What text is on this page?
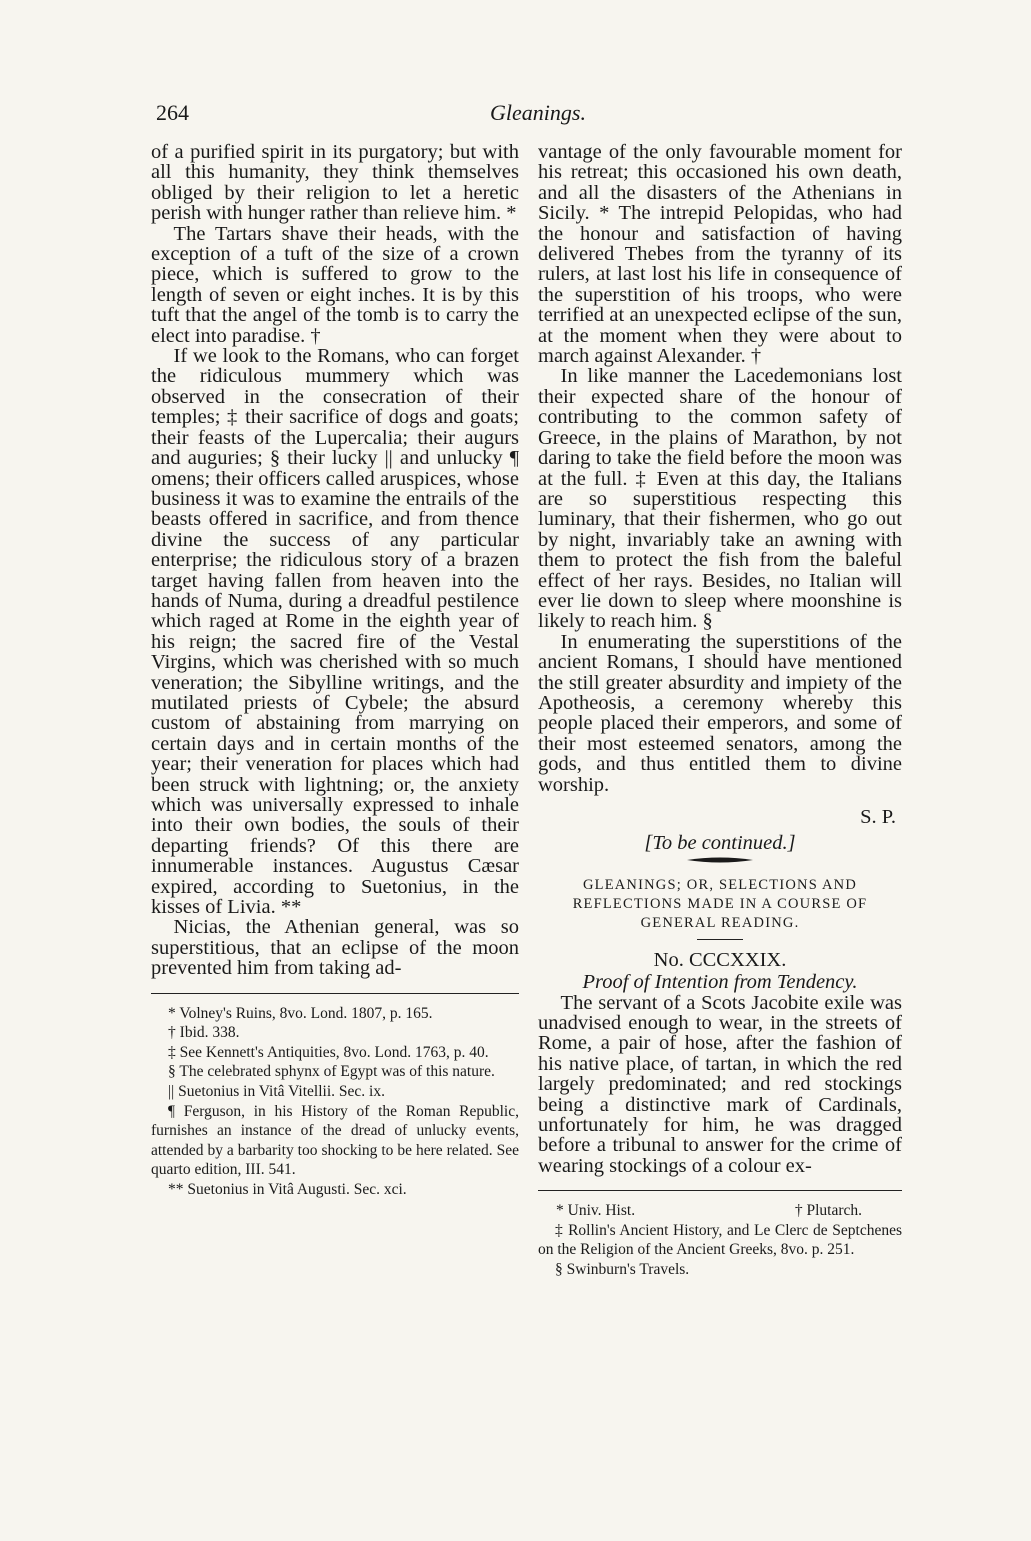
264	Gleanings.

of a purified spirit in its purgatory; but with all this humanity, they think themselves obliged by their religion to let a heretic perish with hunger rather than relieve him. *

The Tartars shave their heads, with the exception of a tuft of the size of a crown piece, which is suffered to grow to the length of seven or eight inches. It is by this tuft that the angel of the tomb is to carry the elect into paradise. †

If we look to the Romans, who can forget the ridiculous mummery which was observed in the consecration of their temples; ‡ their sacrifice of dogs and goats; their feasts of the Lupercalia; their augurs and auguries; § their lucky || and unlucky ¶ omens; their officers called aruspices, whose business it was to examine the entrails of the beasts offered in sacrifice, and from thence divine the success of any particular enterprise; the ridiculous story of a brazen target having fallen from heaven into the hands of Numa, during a dreadful pestilence which raged at Rome in the eighth year of his reign; the sacred fire of the Vestal Virgins, which was cherished with so much veneration; the Sibylline writings, and the mutilated priests of Cybele; the absurd custom of abstaining from marrying on certain days and in certain months of the year; their veneration for places which had been struck with lightning; or, the anxiety which was universally expressed to inhale into their own bodies, the souls of their departing friends? Of this there are innumerable instances. Augustus Cæsar expired, according to Suetonius, in the kisses of Livia. **

Nicias, the Athenian general, was so superstitious, that an eclipse of the moon prevented him from taking ad-

* Volney's Ruins, 8vo. Lond. 1807, p. 165.

† Ibid. 338.

‡ See Kennett's Antiquities, 8vo. Lond. 1763, p. 40.

§ The celebrated sphynx of Egypt was of this nature.

|| Suetonius in Vitâ Vitellii. Sec. ix.

¶ Ferguson, in his History of the Roman Republic, furnishes an instance of the dread of unlucky events, attended by a barbarity too shocking to be here related. See quarto edition, III. 541.

** Suetonius in Vitâ Augusti. Sec. xci.

vantage of the only favourable moment for his retreat; this occasioned his own death, and all the disasters of the Athenians in Sicily. * The intrepid Pelopidas, who had the honour and satisfaction of having delivered Thebes from the tyranny of its rulers, at last lost his life in consequence of the superstition of his troops, who were terrified at an unexpected eclipse of the sun, at the moment when they were about to march against Alexander. †

In like manner the Lacedemonians lost their expected share of the honour of contributing to the common safety of Greece, in the plains of Marathon, by not daring to take the field before the moon was at the full. ‡ Even at this day, the Italians are so superstitious respecting this luminary, that their fishermen, who go out by night, invariably take an awning with them to protect the fish from the baleful effect of her rays. Besides, no Italian will ever lie down to sleep where moonshine is likely to reach him. §

In enumerating the superstitions of the ancient Romans, I should have mentioned the still greater absurdity and impiety of the Apotheosis, a ceremony whereby this people placed their emperors, and some of their most esteemed senators, among the gods, and thus entitled them to divine worship.

S. P.
[To be continued.]
GLEANINGS; OR, SELECTIONS AND REFLECTIONS MADE IN A COURSE OF GENERAL READING.
No. CCCXXIX.
Proof of Intention from Tendency.

The servant of a Scots Jacobite exile was unadvised enough to wear, in the streets of Rome, a pair of hose, after the fashion of his native place, of tartan, in which the red largely predominated; and red stockings being a distinctive mark of Cardinals, unfortunately for him, he was dragged before a tribunal to answer for the crime of wearing stockings of a colour ex-

* Univ. Hist.	† Plutarch.

‡ Rollin's Ancient History, and Le Clerc de Septchenes on the Religion of the Ancient Greeks, 8vo. p. 251.

§ Swinburn's Travels.
